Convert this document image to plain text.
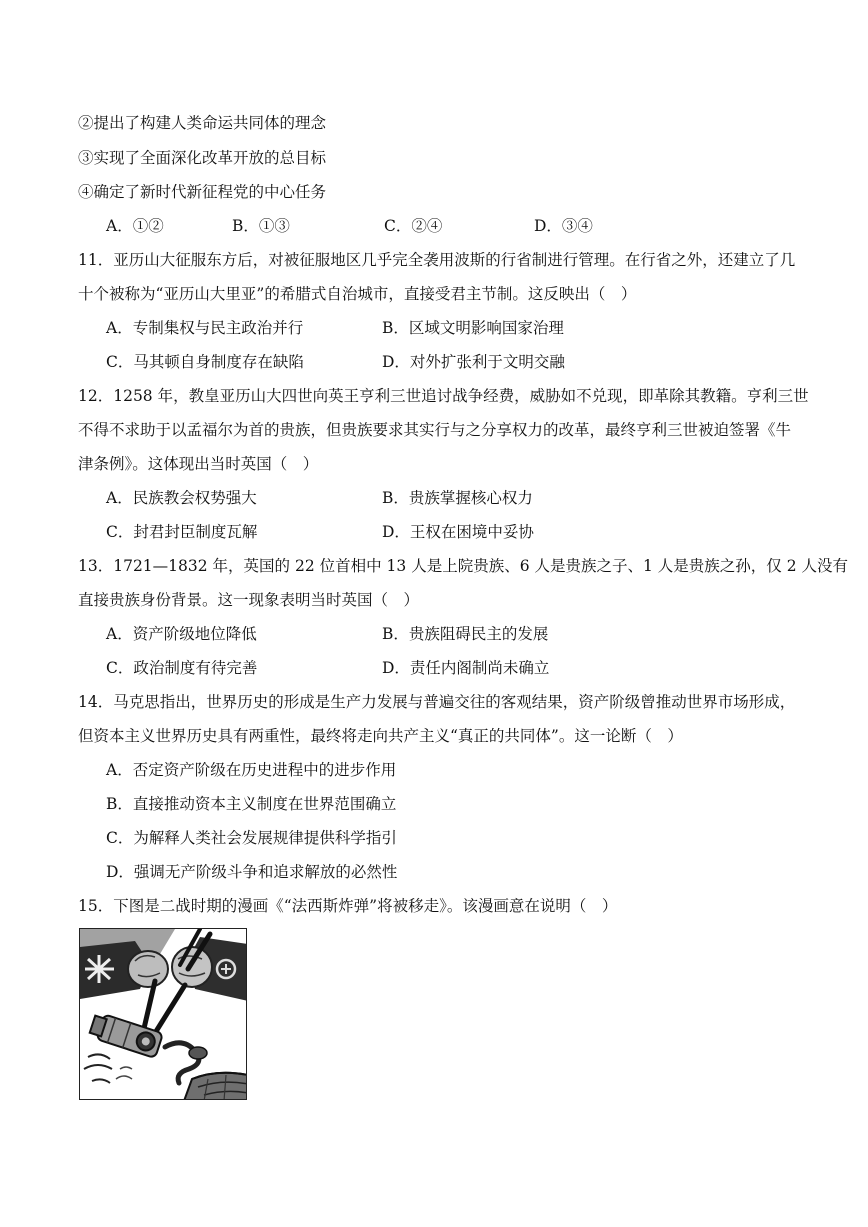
②提出了构建人类命运共同体的理念
③实现了全面深化改革开放的总目标
④确定了新时代新征程党的中心任务
A．①②	B．①③	C．②④	D．③④
11．亚历山大征服东方后，对被征服地区几乎完全袭用波斯的行省制进行管理。在行省之外，还建立了几
十个被称为“亚历山大里亚”的希腊式自治城市，直接受君主节制。这反映出（　）
A．专制集权与民主政治并行	B．区域文明影响国家治理
C．马其顿自身制度存在缺陷	D．对外扩张利于文明交融
12．1258 年，教皇亚历山大四世向英王亨利三世追讨战争经费，威胁如不兑现，即革除其教籍。亨利三世
不得不求助于以孟福尔为首的贵族，但贵族要求其实行与之分享权力的改革，最终亨利三世被迫签署《牛
津条例》。这体现出当时英国（　）
A．民族教会权势强大	B．贵族掌握核心权力
C．封君封臣制度瓦解	D．王权在困境中妥协
13．1721—1832 年，英国的 22 位首相中 13 人是上院贵族、6 人是贵族之子、1 人是贵族之孙，仅 2 人没有
直接贵族身份背景。这一现象表明当时英国（　）
A．资产阶级地位降低	B．贵族阻碍民主的发展
C．政治制度有待完善	D．责任内阁制尚未确立
14．马克思指出，世界历史的形成是生产力发展与普遍交往的客观结果，资产阶级曾推动世界市场形成，
但资本主义世界历史具有两重性，最终将走向共产主义“真正的共同体”。这一论断（　）
A．否定资产阶级在历史进程中的进步作用
B．直接推动资本主义制度在世界范围确立
C．为解释人类社会发展规律提供科学指引
D．强调无产阶级斗争和追求解放的必然性
15．下图是二战时期的漫画《“法西斯炸弹”将被移走》。该漫画意在说明（　）
